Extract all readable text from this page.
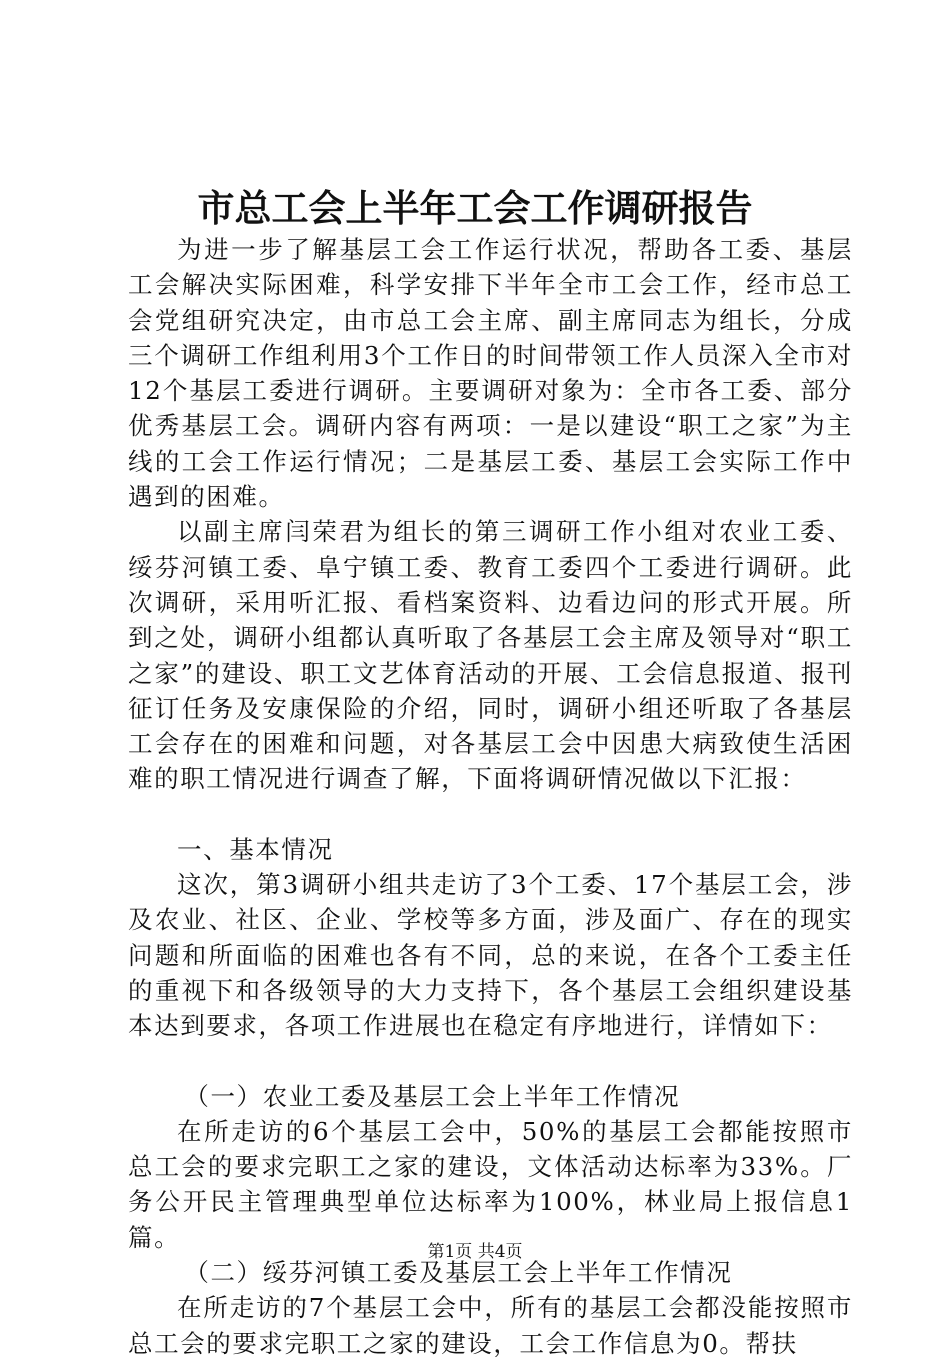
市总工会上半年工会工作调研报告

为进一步了解基层工会工作运行状况，帮助各工委、基层工会解决实际困难，科学安排下半年全市工会工作，经市总工会党组研究决定，由市总工会主席、副主席同志为组长，分成三个调研工作组利用3个工作日的时间带领工作人员深入全市对12个基层工委进行调研。主要调研对象为：全市各工委、部分优秀基层工会。调研内容有两项：一是以建设“职工之家”为主线的工会工作运行情况；二是基层工委、基层工会实际工作中遇到的困难。

以副主席闫荣君为组长的第三调研工作小组对农业工委、绥芬河镇工委、阜宁镇工委、教育工委四个工委进行调研。此次调研，采用听汇报、看档案资料、边看边问的形式开展。所到之处，调研小组都认真听取了各基层工会主席及领导对“职工之家”的建设、职工文艺体育活动的开展、工会信息报道、报刊征订任务及安康保险的介绍，同时，调研小组还听取了各基层工会存在的困难和问题，对各基层工会中因患大病致使生活困难的职工情况进行调查了解，下面将调研情况做以下汇报：

一、基本情况

这次，第3调研小组共走访了3个工委、17个基层工会，涉及农业、社区、企业、学校等多方面，涉及面广、存在的现实问题和所面临的困难也各有不同，总的来说，在各个工委主任的重视下和各级领导的大力支持下，各个基层工会组织建设基本达到要求，各项工作进展也在稳定有序地进行，详情如下：

（一）农业工委及基层工会上半年工作情况

在所走访的6个基层工会中，50%的基层工会都能按照市总工会的要求完职工之家的建设，文体活动达标率为33%。厂务公开民主管理典型单位达标率为100%，林业局上报信息1篇。

（二）绥芬河镇工委及基层工会上半年工作情况

在所走访的7个基层工会中，所有的基层工会都没能按照市总工会的要求完职工之家的建设，工会工作信息为0。帮扶

第1页 共4页
